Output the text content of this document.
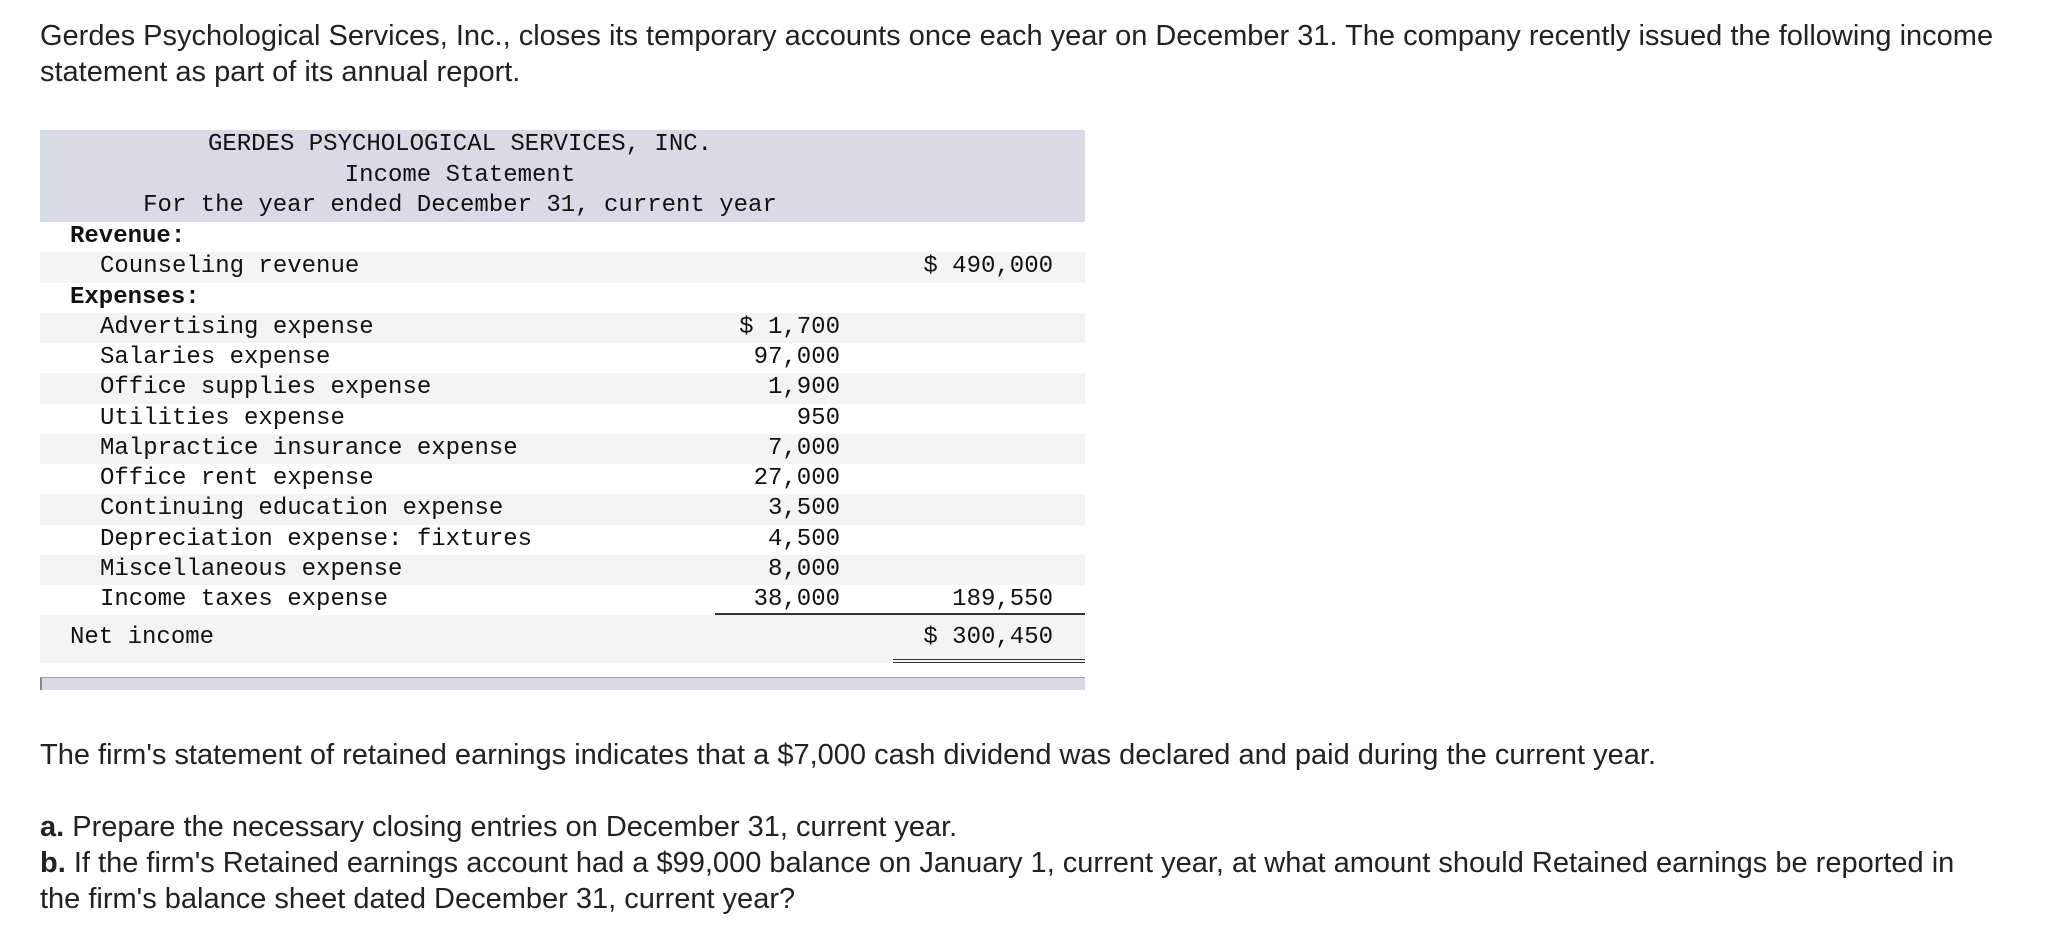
Gerdes Psychological Services, Inc., closes its temporary accounts once each year on December 31. The company recently issued the following income statement as part of its annual report.

GERDES PSYCHOLOGICAL SERVICES, INC.
Income Statement
For the year ended December 31, current year
Revenue:
Counseling revenue	$ 490,000
Expenses:
Advertising expense	$ 1,700
Salaries expense	97,000
Office supplies expense	1,900
Utilities expense	950
Malpractice insurance expense	7,000
Office rent expense	27,000
Continuing education expense	3,500
Depreciation expense: fixtures	4,500
Miscellaneous expense	8,000
Income taxes expense	38,000	189,550
Net income	$ 300,450

The firm's statement of retained earnings indicates that a $7,000 cash dividend was declared and paid during the current year.

a. Prepare the necessary closing entries on December 31, current year.

b. If the firm's Retained earnings account had a $99,000 balance on January 1, current year, at what amount should Retained earnings be reported in the firm's balance sheet dated December 31, current year?
